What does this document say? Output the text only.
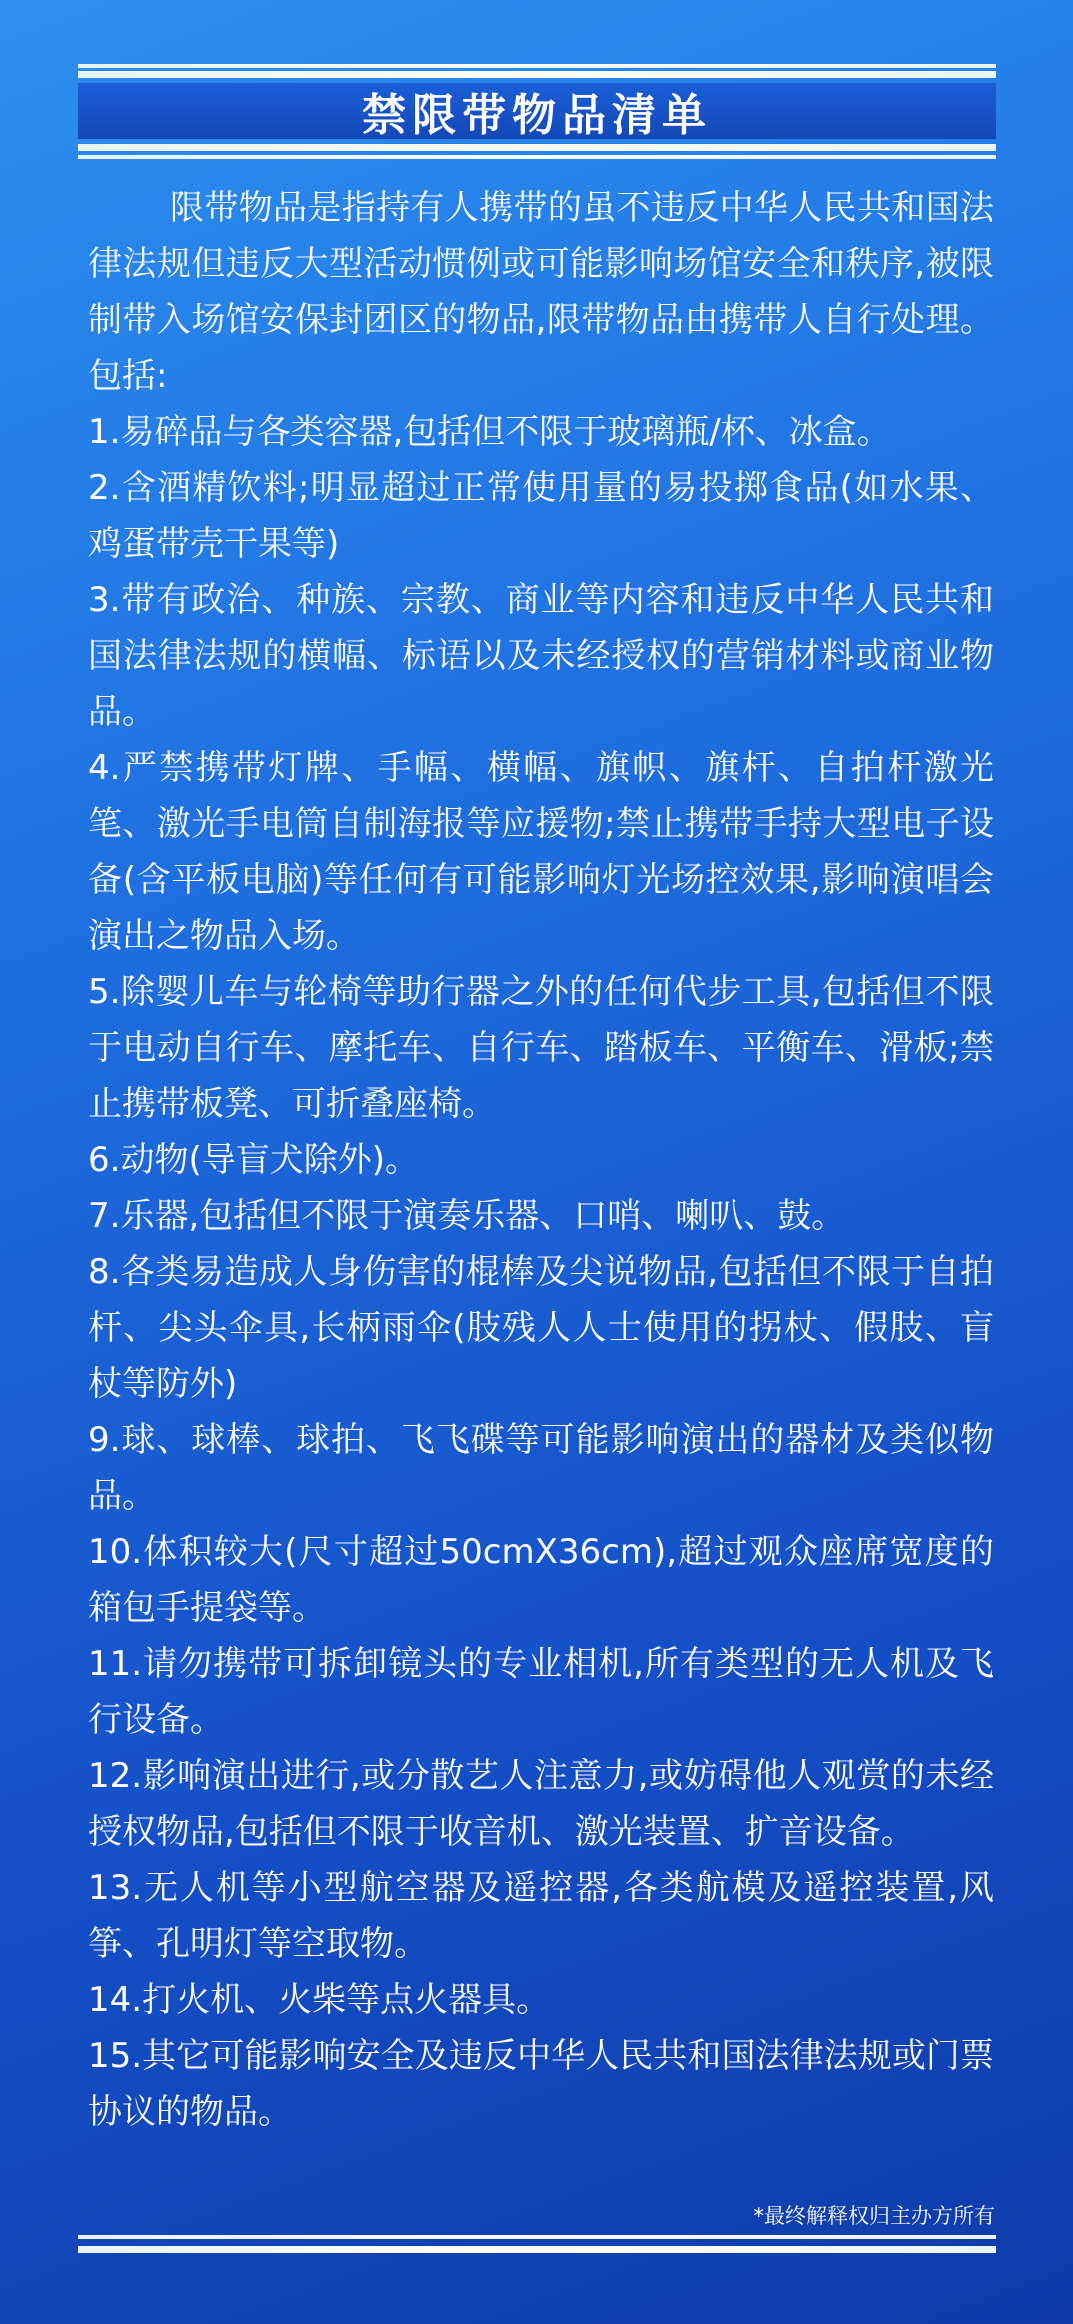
禁限带物品清单

限带物品是指持有人携带的虽不违反中华人民共和国法律法规但违反大型活动惯例或可能影响场馆安全和秩序,被限制带入场馆安保封团区的物品,限带物品由携带人自行处理。包括:

1.易碎品与各类容器,包括但不限于玻璃瓶/杯、冰盒。

2.含酒精饮料;明显超过正常使用量的易投掷食品(如水果、鸡蛋带壳干果等)

3.带有政治、种族、宗教、商业等内容和违反中华人民共和国法律法规的横幅、标语以及未经授权的营销材料或商业物品。

4.严禁携带灯牌、手幅、横幅、旗帜、旗杆、自拍杆激光笔、激光手电筒自制海报等应援物;禁止携带手持大型电子设备(含平板电脑)等任何有可能影响灯光场控效果,影响演唱会演出之物品入场。

5.除婴儿车与轮椅等助行器之外的任何代步工具,包括但不限于电动自行车、摩托车、自行车、踏板车、平衡车、滑板;禁止携带板凳、可折叠座椅。

6.动物(导盲犬除外)。

7.乐器,包括但不限于演奏乐器、口哨、喇叭、鼓。

8.各类易造成人身伤害的棍棒及尖说物品,包括但不限于自拍杆、尖头伞具,长柄雨伞(肢残人人士使用的拐杖、假肢、盲杖等防外)

9.球、球棒、球拍、飞飞碟等可能影响演出的器材及类似物品。

10.体积较大(尺寸超过50cmX36cm),超过观众座席宽度的箱包手提袋等。

11.请勿携带可拆卸镜头的专业相机,所有类型的无人机及飞行设备。

12.影响演出进行,或分散艺人注意力,或妨碍他人观赏的未经授权物品,包括但不限于收音机、激光装置、扩音设备。

13.无人机等小型航空器及遥控器,各类航模及遥控装置,风筝、孔明灯等空取物。

14.打火机、火柴等点火器具。

15.其它可能影响安全及违反中华人民共和国法律法规或门票协议的物品。

*最终解释权归主办方所有
